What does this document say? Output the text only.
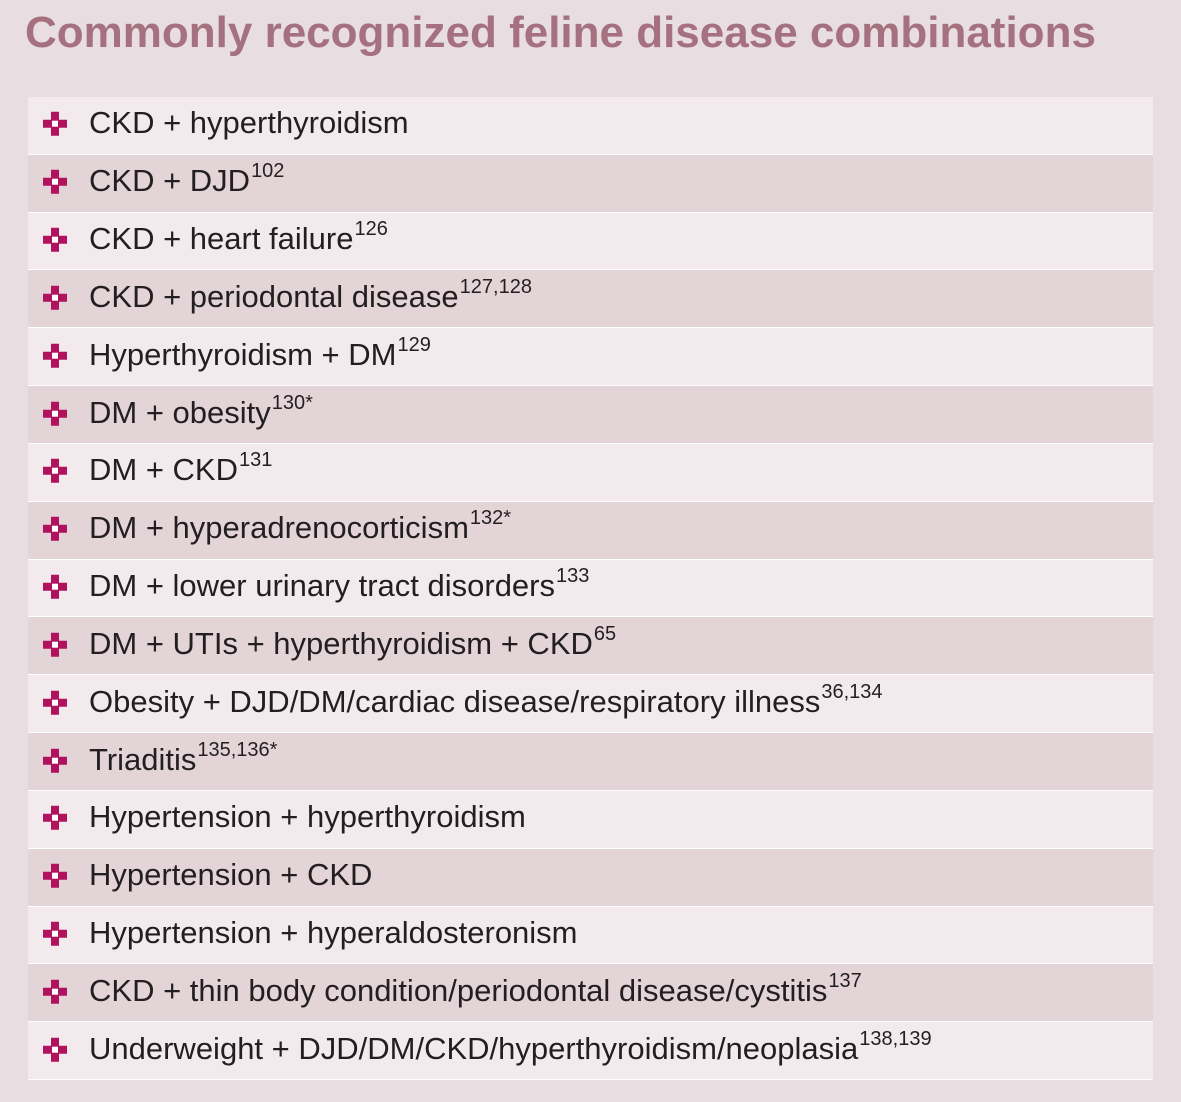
Commonly recognized feline disease combinations
CKD + hyperthyroidism
CKD + $DJD^{102}$
CKD + heart failure$^{126}$
CKD + periodontal disease$^{127,128}$
Hyperthyroidism + $DM^{129}$
DM + obesity$^{130*}$
DM + $CKD^{131}$
DM + hyperadrenocorticism$^{132*}$
DM + lower urinary tract disorders$^{133}$
DM + UTIs + hyperthyroidism + $CKD^{65}$
Obesity + DJD/DM/cardiac disease/respiratory illness$^{36,134}$
Triaditis$^{135,136*}$
Hypertension + hyperthyroidism
Hypertension + CKD
Hypertension + hyperaldosteronism
CKD + thin body condition/periodontal disease/cystitis$^{137}$
Underweight + DJD/DM/CKD/hyperthyroidism/neoplasia$^{138,139}$
